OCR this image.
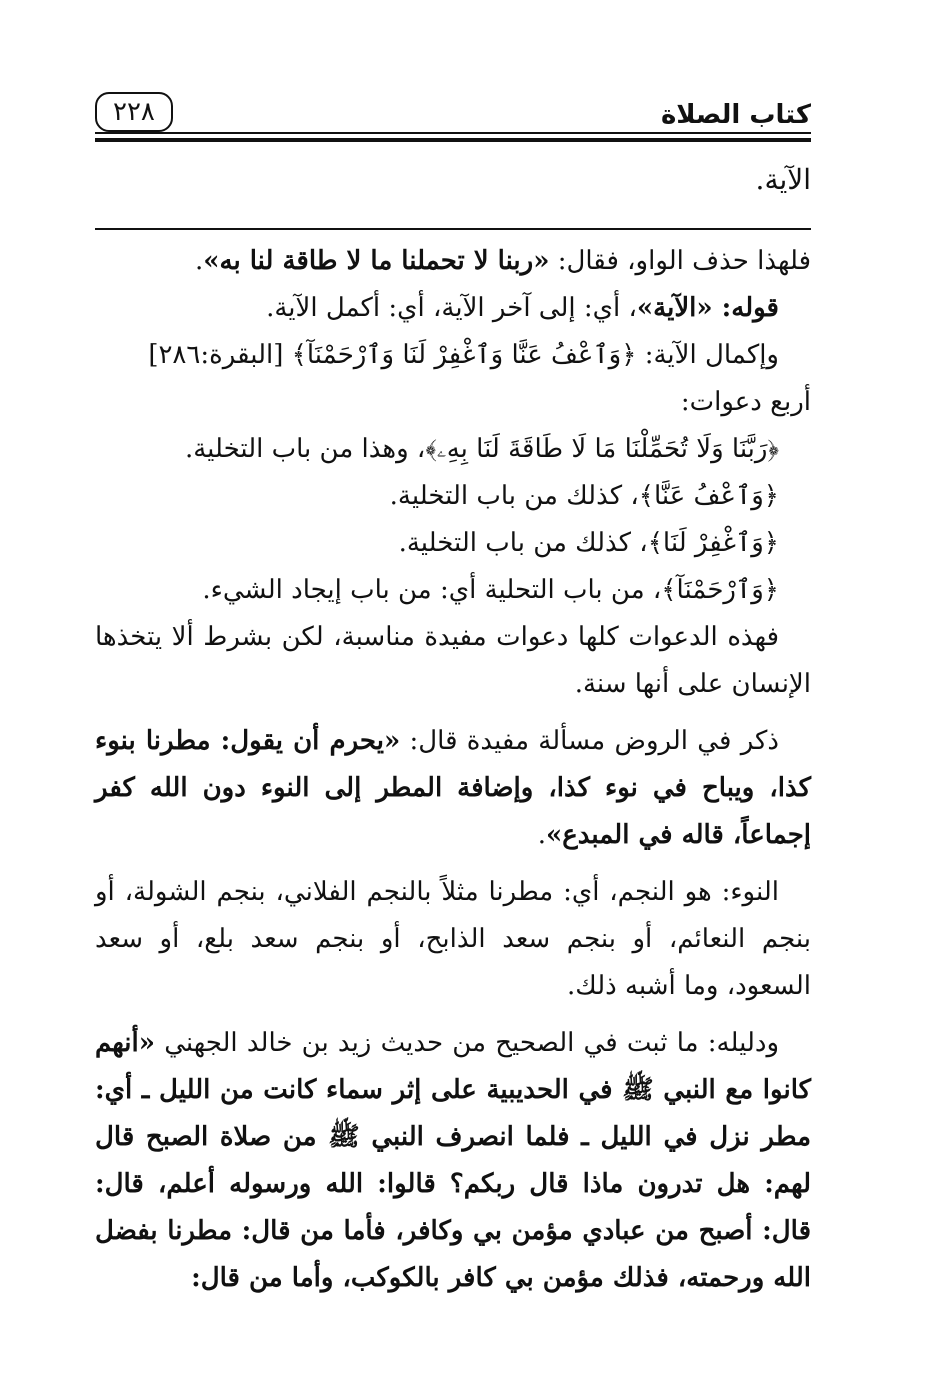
كتاب الصلاة
٢٢٨
الآية.

فلهذا حذف الواو، فقال: «ربنا لا تحملنا ما لا طاقة لنا به».

قوله: «الآية»، أي: إلى آخر الآية، أي: أكمل الآية.

وإكمال الآية: ﴿وَٱعْفُ عَنَّا وَٱغْفِرْ لَنَا وَٱرْحَمْنَآ﴾ [البقرة:٢٨٦]

أربع دعوات:

﴿رَبَّنَا وَلَا تُحَمِّلْنَا مَا لَا طَاقَةَ لَنَا بِهِۦ﴾، وهذا من باب التخلية.

﴿وَٱعْفُ عَنَّا﴾، كذلك من باب التخلية.

﴿وَٱغْفِرْ لَنَا﴾، كذلك من باب التخلية.

﴿وَٱرْحَمْنَآ﴾، من باب التحلية أي: من باب إيجاد الشيء.

فهذه الدعوات كلها دعوات مفيدة مناسبة، لكن بشرط ألا يتخذها الإنسان على أنها سنة.

ذكر في الروض مسألة مفيدة قال: «يحرم أن يقول: مطرنا بنوء كذا، ويباح في نوء كذا، وإضافة المطر إلى النوء دون الله كفر إجماعاً، قاله في المبدع».

النوء: هو النجم، أي: مطرنا مثلاً بالنجم الفلاني، بنجم الشولة، أو بنجم النعائم، أو بنجم سعد الذابح، أو بنجم سعد بلع، أو سعد السعود، وما أشبه ذلك.

ودليله: ما ثبت في الصحيح من حديث زيد بن خالد الجهني «أنهم كانوا مع النبي ﷺ في الحديبية على إثر سماء كانت من الليل ـ أي: مطر نزل في الليل ـ فلما انصرف النبي ﷺ من صلاة الصبح قال لهم: هل تدرون ماذا قال ربكم؟ قالوا: الله ورسوله أعلم، قال: قال: أصبح من عبادي مؤمن بي وكافر، فأما من قال: مطرنا بفضل الله ورحمته، فذلك مؤمن بي كافر بالكوكب، وأما من قال:
